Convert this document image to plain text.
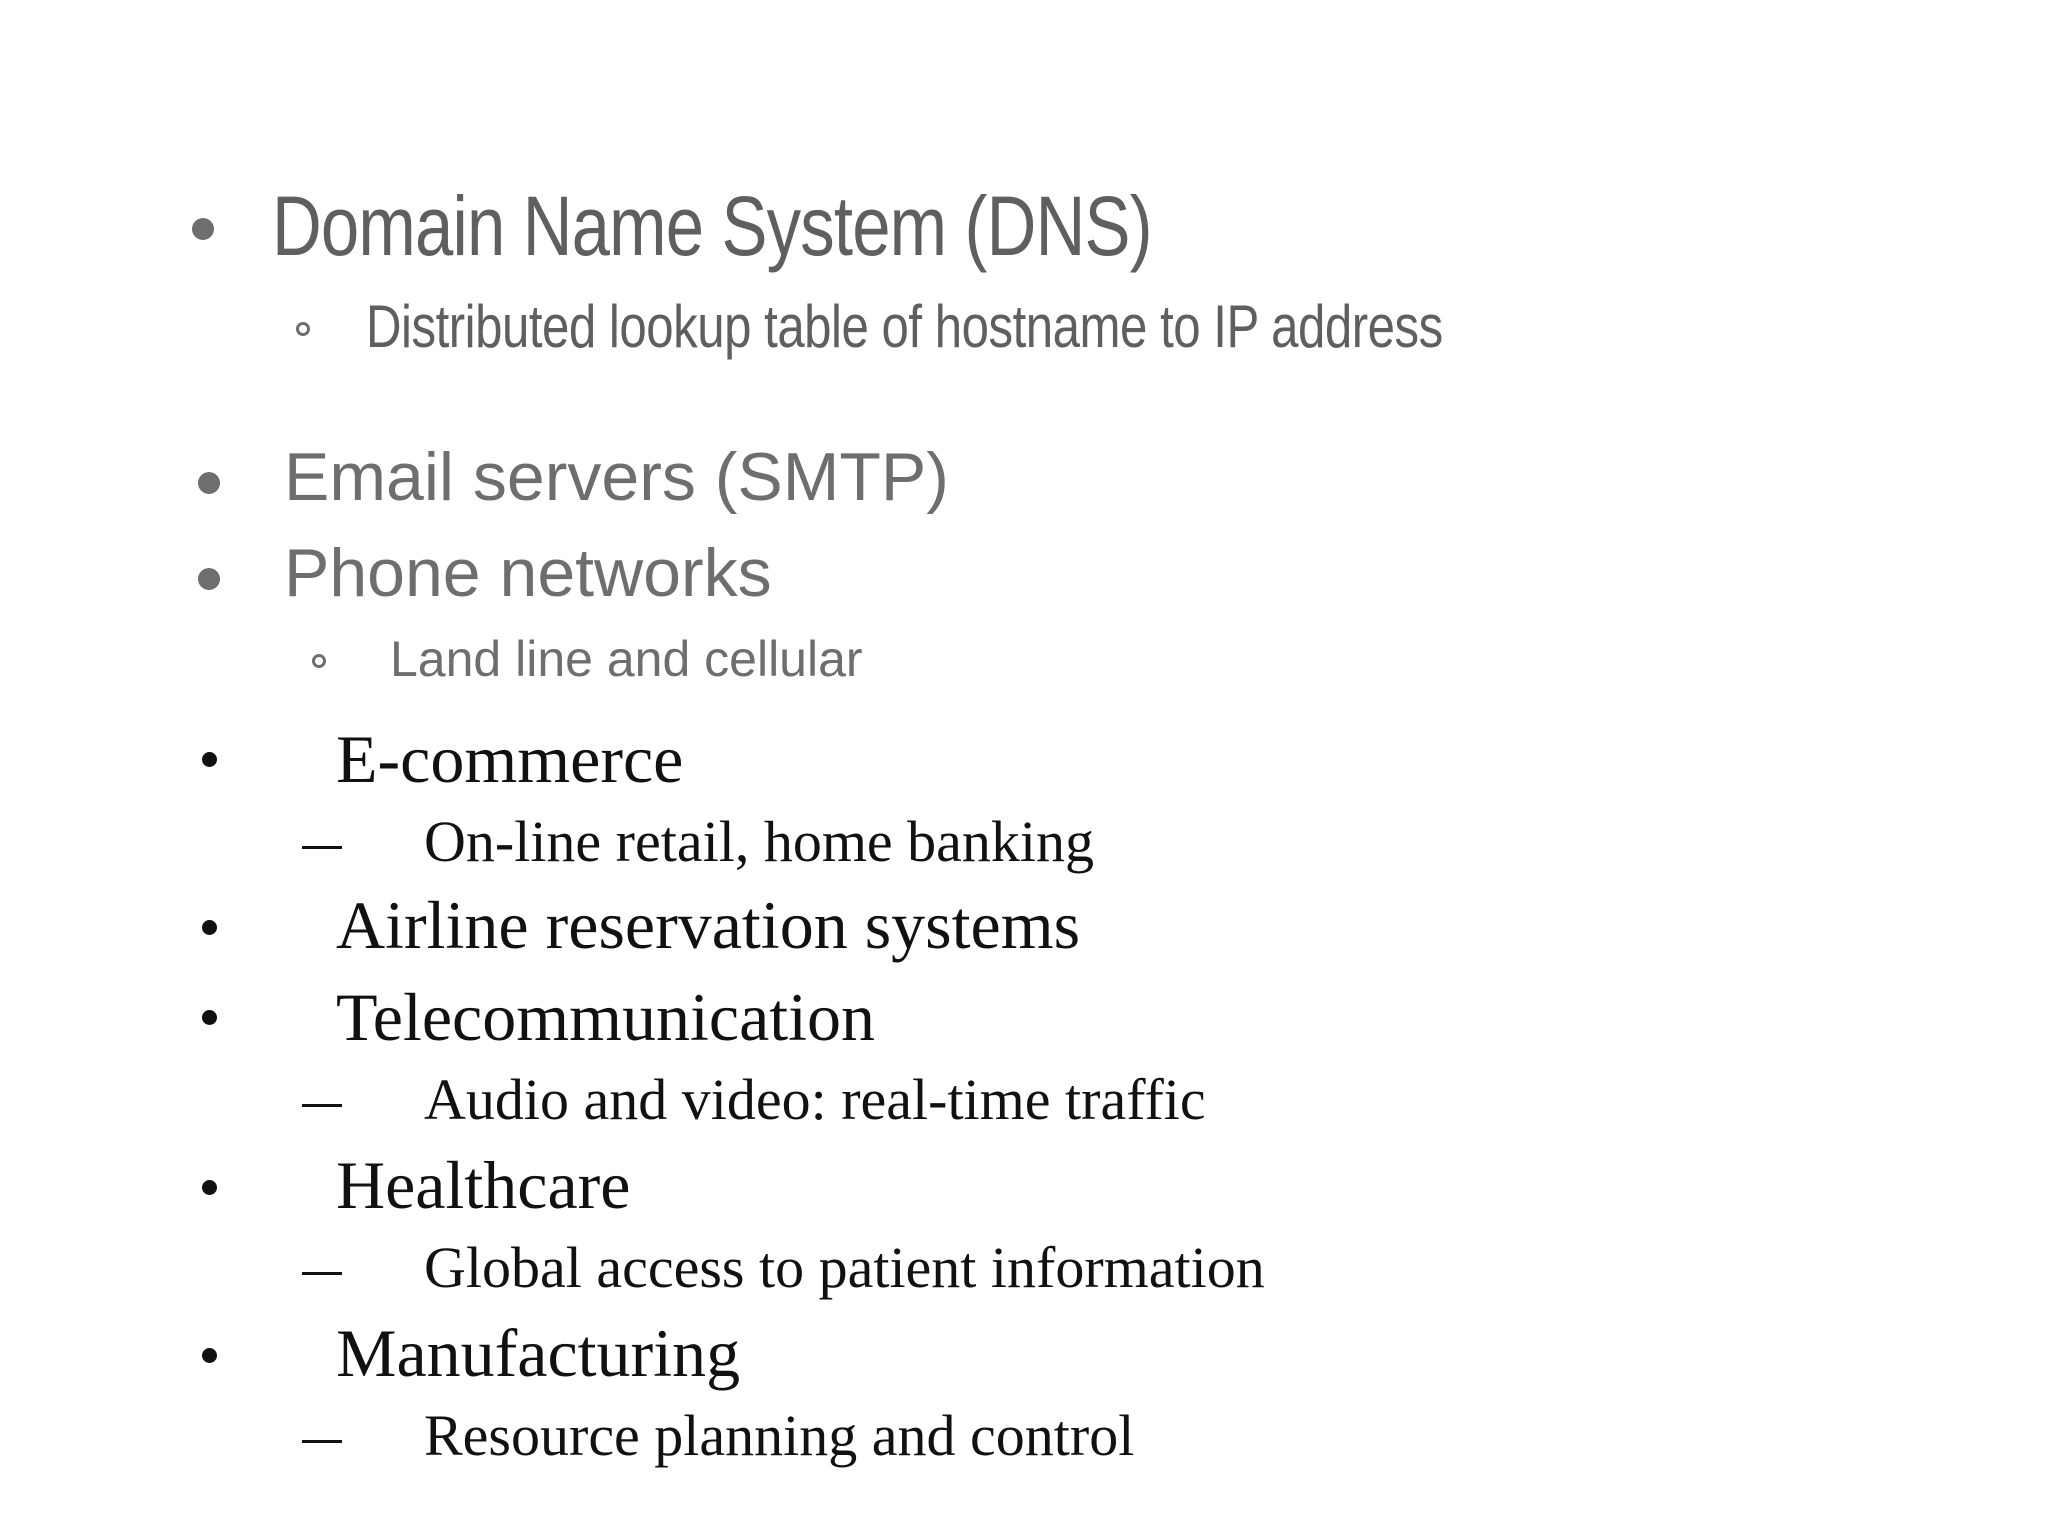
Domain Name System (DNS)
Distributed lookup table of hostname to IP address
Email servers (SMTP)
Phone networks
Land line and cellular
E-commerce
On-line retail, home banking
Airline reservation systems
Telecommunication
Audio and video: real-time traffic
Healthcare
Global access to patient information
Manufacturing
Resource planning and control
